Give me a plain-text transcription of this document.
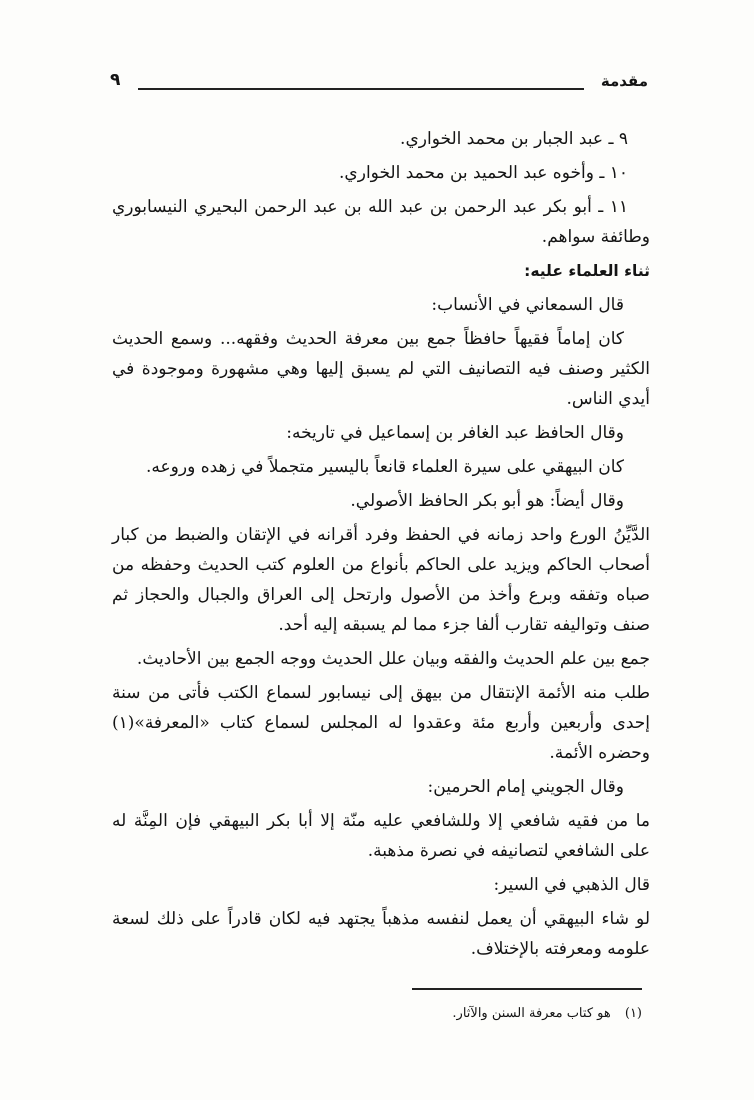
مقدمة
٩

٩ ـ عبد الجبار بن محمد الخواري.

١٠ ـ وأخوه عبد الحميد بن محمد الخواري.

١١ ـ أبو بكر عبد الرحمن بن عبد الله بن عبد الرحمن البحيري النيسابوري وطائفة سواهم.

ثناء العلماء عليه:

قال السمعاني في الأنساب:

كان إماماً فقيهاً حافظاً جمع بين معرفة الحديث وفقهه... وسمع الحديث الكثير وصنف فيه التصانيف التي لم يسبق إليها وهي مشهورة وموجودة في أيدي الناس.

وقال الحافظ عبد الغافر بن إسماعيل في تاريخه:

كان البيهقي على سيرة العلماء قانعاً باليسير متجملاً في زهده وروعه.

وقال أيضاً: هو أبو بكر الحافظ الأصولي.

الدَّيِّنُ الورع واحد زمانه في الحفظ وفرد أقرانه في الإتقان والضبط من كبار أصحاب الحاكم ويزيد على الحاكم بأنواع من العلوم كتب الحديث وحفظه من صباه وتفقه وبرع وأخذ من الأصول وارتحل إلى العراق والجبال والحجاز ثم صنف وتواليفه تقارب ألفا جزء مما لم يسبقه إليه أحد.

جمع بين علم الحديث والفقه وبيان علل الحديث ووجه الجمع بين الأحاديث.

طلب منه الأئمة الإنتقال من بيهق إلى نيسابور لسماع الكتب فأتى من سنة إحدى وأربعين وأربع مئة وعقدوا له المجلس لسماع كتاب «المعرفة»(١) وحضره الأئمة.

وقال الجويني إمام الحرمين:

ما من فقيه شافعي إلا وللشافعي عليه منّة إلا أبا بكر البيهقي فإن المِنَّة له على الشافعي لتصانيفه في نصرة مذهبة.

قال الذهبي في السير:

لو شاء البيهقي أن يعمل لنفسه مذهباً يجتهد فيه لكان قادراً على ذلك لسعة علومه ومعرفته بالإختلاف.

(١) هو كتاب معرفة السنن والآثار.
